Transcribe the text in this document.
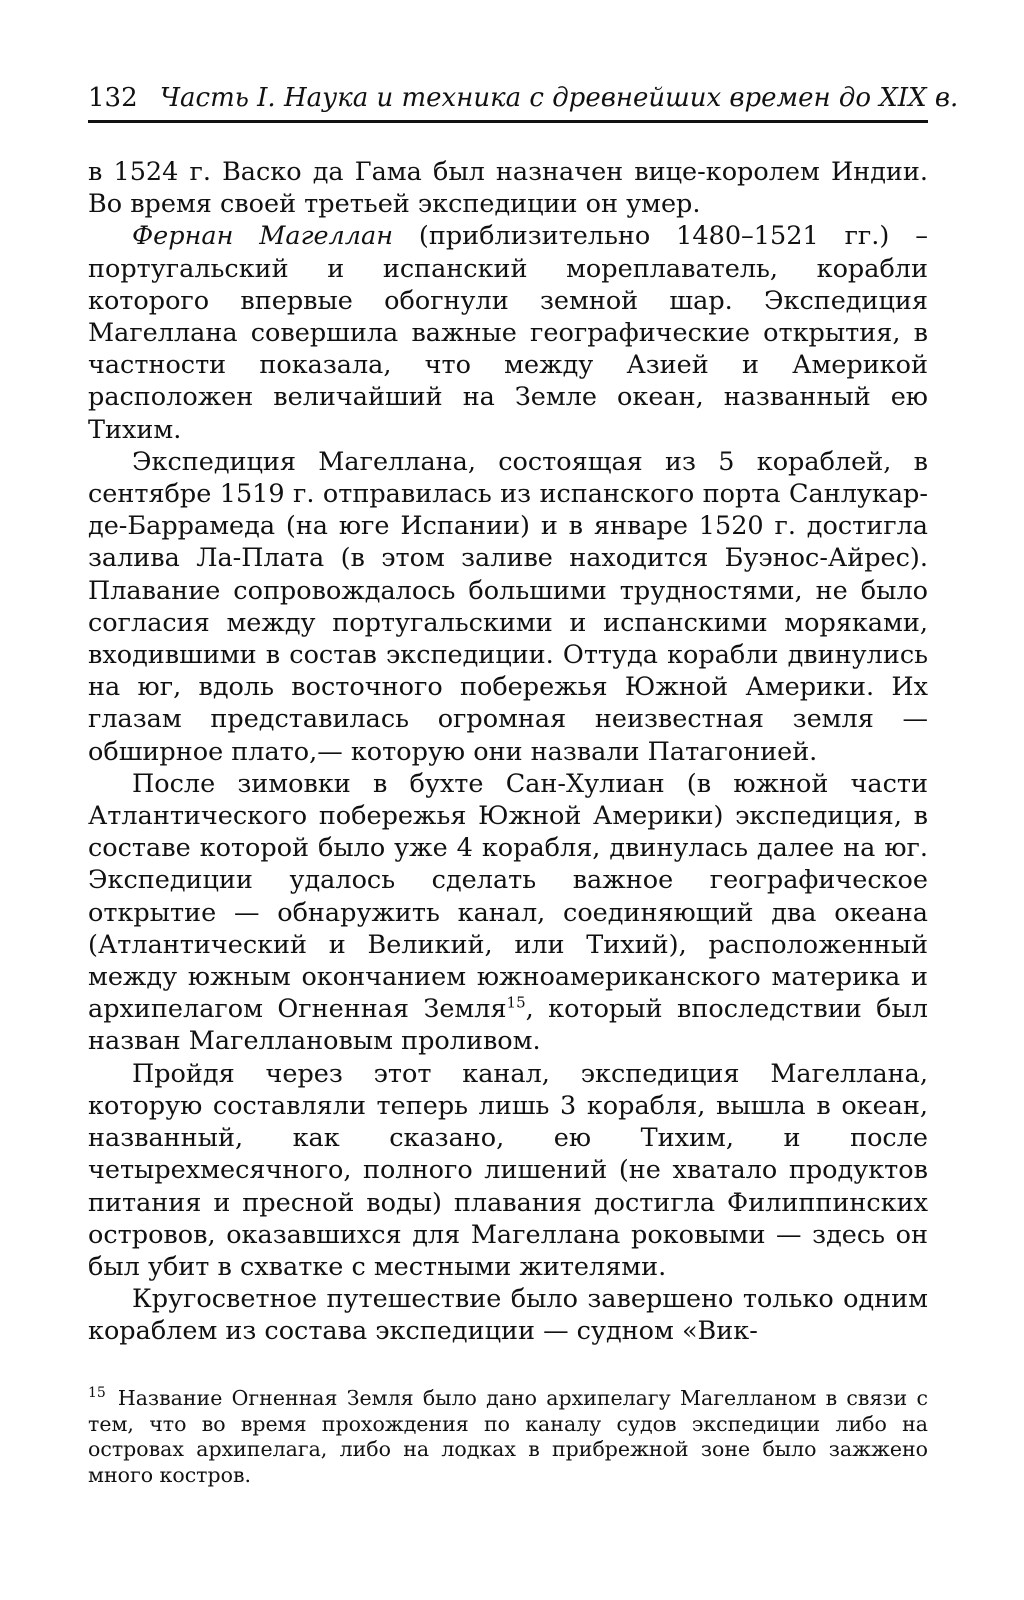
132 Часть I. Наука и техника с древнейших времен до XIX в.

в 1524 г. Васко да Гама был назначен вице-королем Индии. Во время своей третьей экспедиции он умер.

Фернан Магеллан (приблизительно 1480–1521 гг.) – португальский и испанский мореплаватель, корабли которого впервые обогнули земной шар. Экспедиция Магеллана совершила важные географические открытия, в частности показала, что между Азией и Америкой расположен величайший на Земле океан, названный ею Тихим.

Экспедиция Магеллана, состоящая из 5 кораблей, в сентябре 1519 г. отправилась из испанского порта Санлукар-де-Баррамеда (на юге Испании) и в январе 1520 г. достигла залива Ла-Плата (в этом заливе находится Буэнос-Айрес). Плавание сопровождалось большими трудностями, не было согласия между португальскими и испанскими моряками, входившими в состав экспедиции. Оттуда корабли двинулись на юг, вдоль восточного побережья Южной Америки. Их глазам представилась огромная неизвестная земля — обширное плато,— которую они назвали Патагонией.

После зимовки в бухте Сан-Хулиан (в южной части Атлантического побережья Южной Америки) экспедиция, в составе которой было уже 4 корабля, двинулась далее на юг. Экспедиции удалось сделать важное географическое открытие — обнаружить канал, соединяющий два океана (Атлантический и Великий, или Тихий), расположенный между южным окончанием южноамериканского материка и архипелагом Огненная Земля$^{15}$, который впоследствии был назван Магеллановым проливом.

Пройдя через этот канал, экспедиция Магеллана, которую составляли теперь лишь 3 корабля, вышла в океан, названный, как сказано, ею Тихим, и после четырехмесячного, полного лишений (не хватало продуктов питания и пресной воды) плавания достигла Филиппинских островов, оказавшихся для Магеллана роковыми — здесь он был убит в схватке с местными жителями.

Кругосветное путешествие было завершено только одним кораблем из состава экспедиции — судном «Вик-

$^{15}$ Название Огненная Земля было дано архипелагу Магелланом в связи с тем, что во время прохождения по каналу судов экспедиции либо на островах архипелага, либо на лодках в прибрежной зоне было зажжено много костров.
